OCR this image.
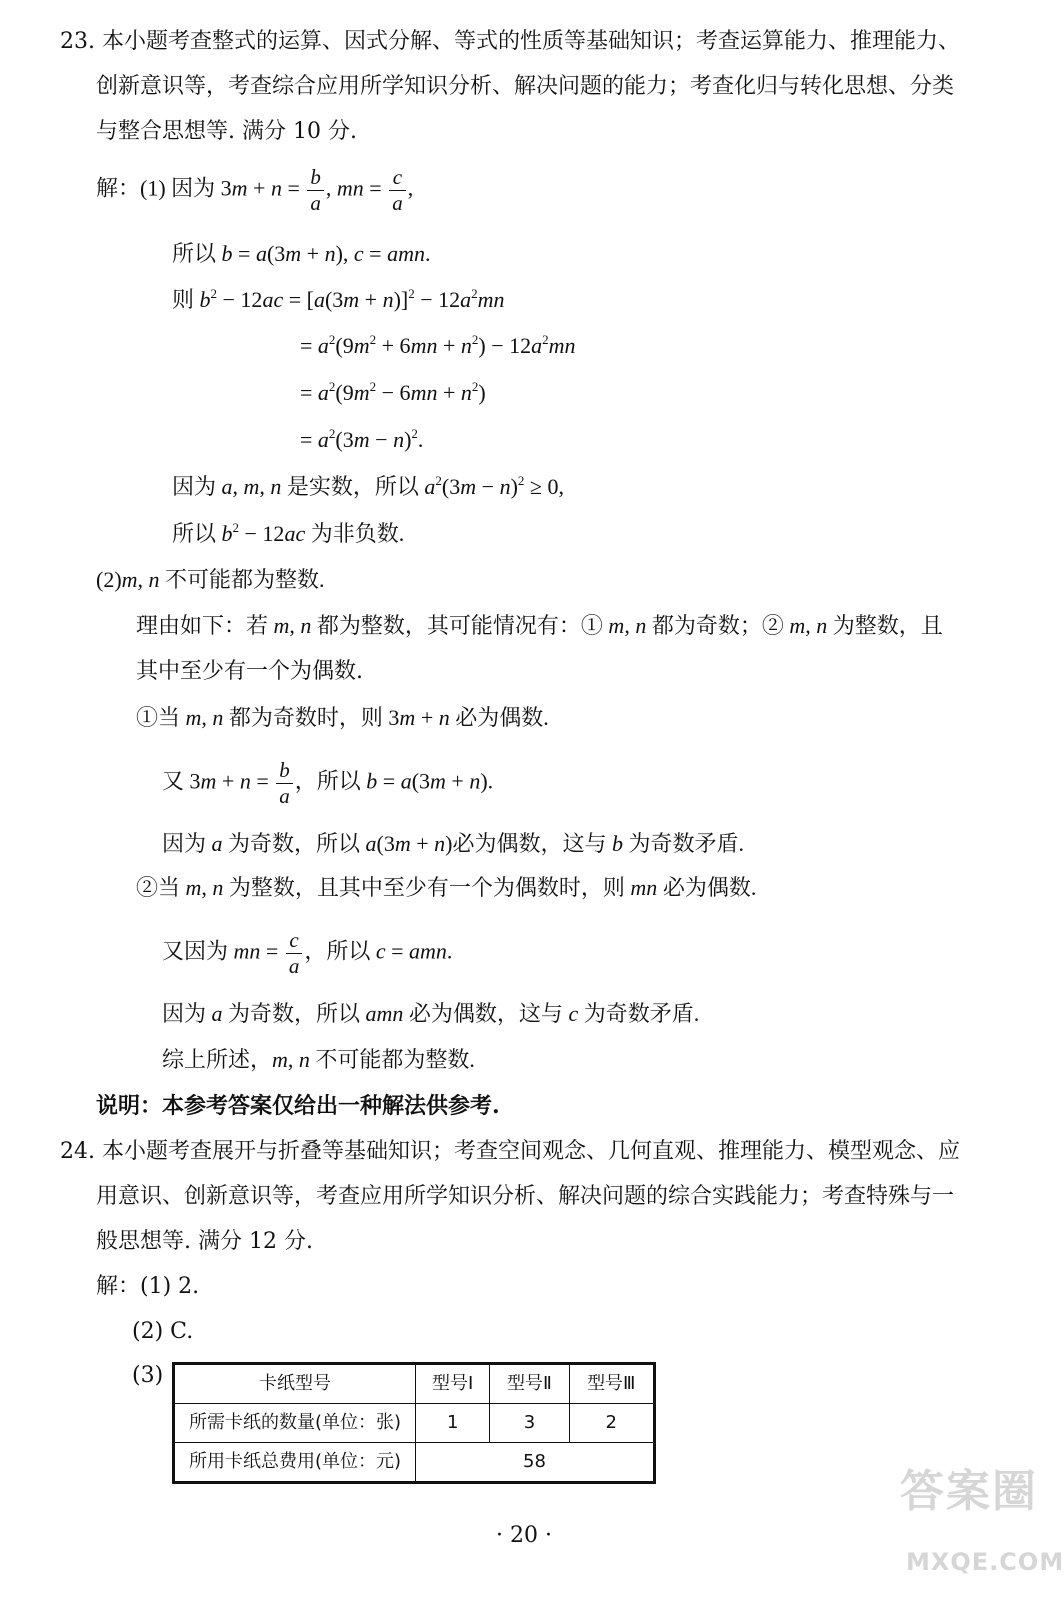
23. 本小题考查整式的运算、因式分解、等式的性质等基础知识；考查运算能力、推理能力、
创新意识等，考查综合应用所学知识分析、解决问题的能力；考查化归与转化思想、分类
与整合思想等. 满分 10 分.
解：(1) 因为 $3m + n = \frac{b}{a}$ , mn = $\frac{c}{a}$ ,
所以 b = a(3m + n), c = amn.
则 $b^2 - 12ac = [a(3m + n)]^2 - 12a^2mn$
= $a^2(9m^2 + 6mn + n^2) - 12a^2mn$
= $a^2(9m^2 - 6mn + n^2)$
= $a^2(3m - n)^2$.
因为 a, m, n 是实数，所以 $a^2(3m - n)^2 \ge 0$,
所以 $b^2 - 12ac$ 为非负数.
(2)m, n 不可能都为整数.
理由如下：若 m, n 都为整数，其可能情况有：① m, n 都为奇数；② m, n 为整数，且
其中至少有一个为偶数.
①当 m, n 都为奇数时，则 3m + n 必为偶数.
又 $3m + n = \frac{b}{a}$ ，所以 b = a(3m + n).
因为 a 为奇数，所以 a(3m + n)必为偶数，这与 b 为奇数矛盾.
②当 m, n 为整数，且其中至少有一个为偶数时，则 mn 必为偶数.
又因为 mn = $\frac{c}{a}$ ，所以 c = amn.
因为 a 为奇数，所以 amn 必为偶数，这与 c 为奇数矛盾.
综上所述，m, n 不可能都为整数.
说明：本参考答案仅给出一种解法供参考.
24. 本小题考查展开与折叠等基础知识；考查空间观念、几何直观、推理能力、模型观念、应
用意识、创新意识等，考查应用所学知识分析、解决问题的综合实践能力；考查特殊与一
般思想等. 满分 12 分.
解：(1) 2.
(2) C.
(3)	卡纸型号	型号Ⅰ	型号Ⅱ	型号Ⅲ
所需卡纸的数量(单位：张)	1	3	2
所用卡纸总费用(单位：元)	58		
· 20 ·
答案圈
MXQE.COM
